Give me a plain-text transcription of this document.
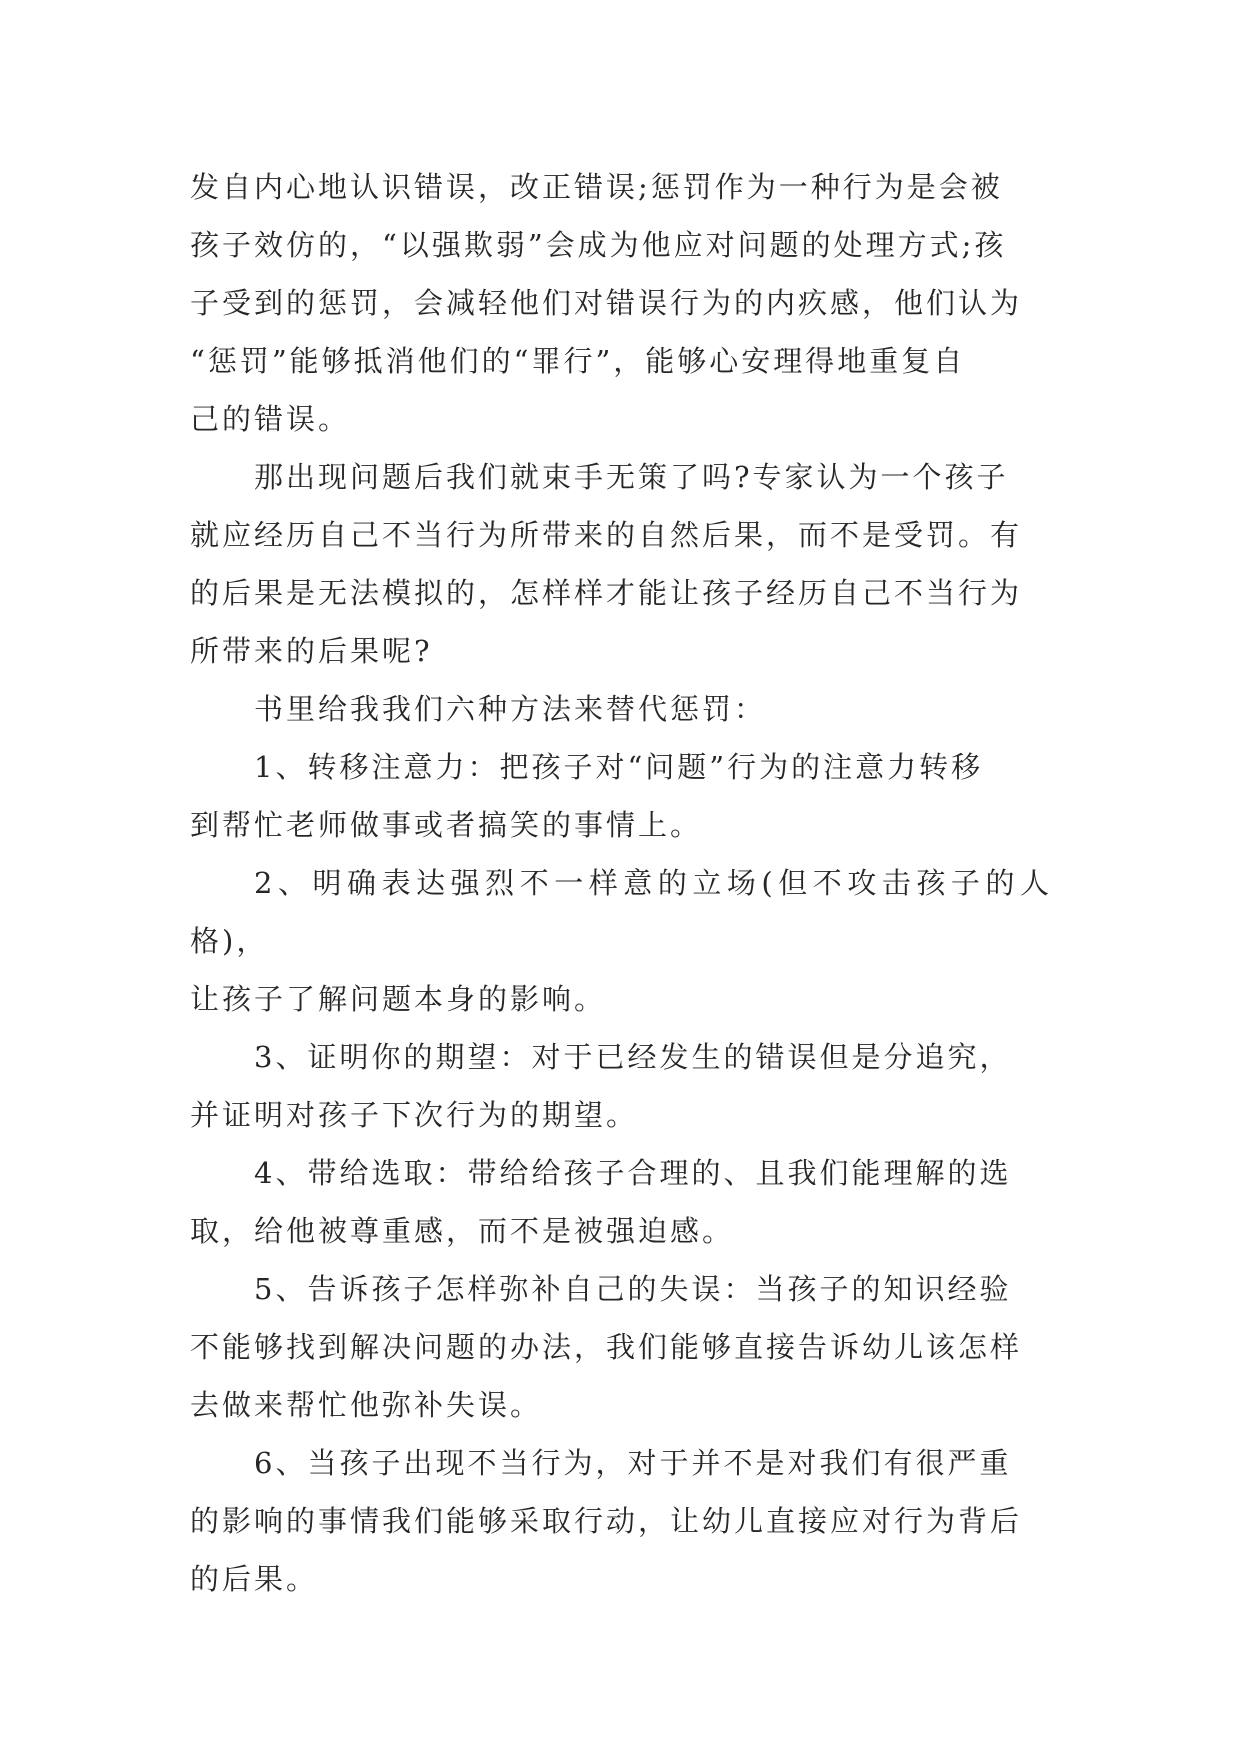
发自内心地认识错误，改正错误;惩罚作为一种行为是会被
孩子效仿的，“以强欺弱”会成为他应对问题的处理方式;孩
子受到的惩罚，会减轻他们对错误行为的内疚感，他们认为
“惩罚”能够抵消他们的“罪行”，能够心安理得地重复自
己的错误。

那出现问题后我们就束手无策了吗?专家认为一个孩子
就应经历自己不当行为所带来的自然后果，而不是受罚。有
的后果是无法模拟的，怎样样才能让孩子经历自己不当行为
所带来的后果呢?

书里给我我们六种方法来替代惩罚：

1、转移注意力：把孩子对“问题”行为的注意力转移
到帮忙老师做事或者搞笑的事情上。

2、明确表达强烈不一样意的立场(但不攻击孩子的人格)，
让孩子了解问题本身的影响。

3、证明你的期望：对于已经发生的错误但是分追究，
并证明对孩子下次行为的期望。

4、带给选取：带给给孩子合理的、且我们能理解的选
取，给他被尊重感，而不是被强迫感。

5、告诉孩子怎样弥补自己的失误：当孩子的知识经验
不能够找到解决问题的办法，我们能够直接告诉幼儿该怎样
去做来帮忙他弥补失误。

6、当孩子出现不当行为，对于并不是对我们有很严重
的影响的事情我们能够采取行动，让幼儿直接应对行为背后
的后果。
